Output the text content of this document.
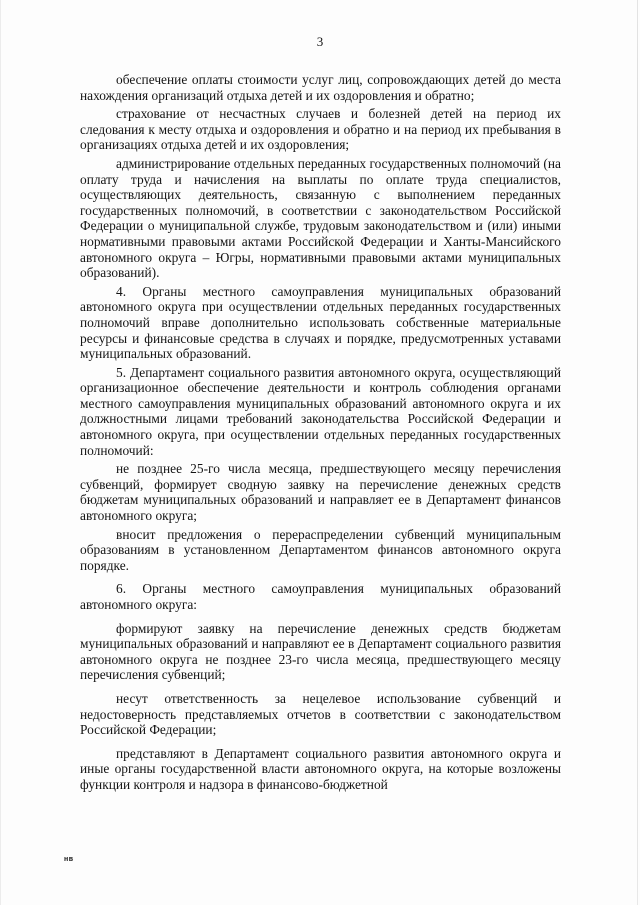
3

обеспечение оплаты стоимости услуг лиц, сопровождающих детей до места нахождения организаций отдыха детей и их оздоровления и обратно;

страхование от несчастных случаев и болезней детей на период их следования к месту отдыха и оздоровления и обратно и на период их пребывания в организациях отдыха детей и их оздоровления;

администрирование отдельных переданных государственных полномочий (на оплату труда и начисления на выплаты по оплате труда специалистов, осуществляющих деятельность, связанную с выполнением переданных государственных полномочий, в соответствии с законодательством Российской Федерации о муниципальной службе, трудовым законодательством и (или) иными нормативными правовыми актами Российской Федерации и Ханты-Мансийского автономного округа – Югры, нормативными правовыми актами муниципальных образований).

4. Органы местного самоуправления муниципальных образований автономного округа при осуществлении отдельных переданных государственных полномочий вправе дополнительно использовать собственные материальные ресурсы и финансовые средства в случаях и порядке, предусмотренных уставами муниципальных образований.

5. Департамент социального развития автономного округа, осуществляющий организационное обеспечение деятельности и контроль соблюдения органами местного самоуправления муниципальных образований автономного округа и их должностными лицами требований законодательства Российской Федерации и автономного округа, при осуществлении отдельных переданных государственных полномочий:

не позднее 25-го числа месяца, предшествующего месяцу перечисления субвенций, формирует сводную заявку на перечисление денежных средств бюджетам муниципальных образований и направляет ее в Департамент финансов автономного округа;

вносит предложения о перераспределении субвенций муниципальным образованиям в установленном Департаментом финансов автономного округа порядке.

6. Органы местного самоуправления муниципальных образований автономного округа:

формируют заявку на перечисление денежных средств бюджетам муниципальных образований и направляют ее в Департамент социального развития автономного округа не позднее 23-го числа месяца, предшествующего месяцу перечисления субвенций;

несут ответственность за нецелевое использование субвенций и недостоверность представляемых отчетов в соответствии с законодательством Российской Федерации;

представляют в Департамент социального развития автономного округа и иные органы государственной власти автономного округа, на которые возложены функции контроля и надзора в финансово-бюджетной

нв
